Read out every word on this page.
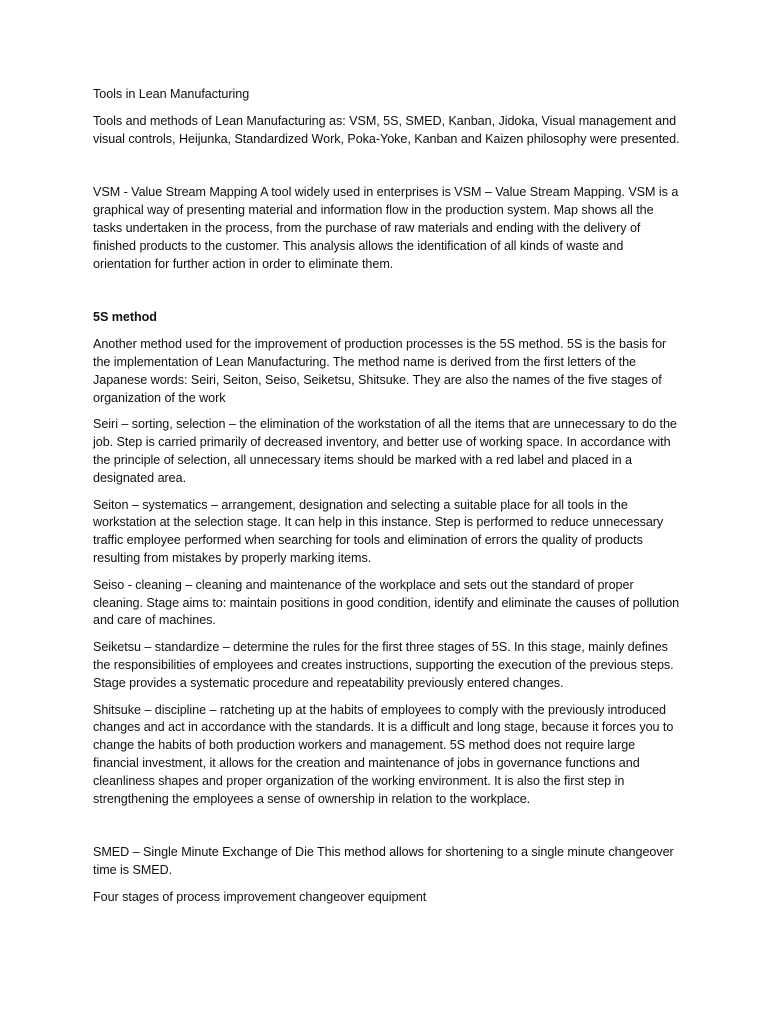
Tools in Lean Manufacturing

Tools and methods of Lean Manufacturing as: VSM, 5S, SMED, Kanban, Jidoka, Visual management and visual controls, Heijunka, Standardized Work, Poka-Yoke, Kanban and Kaizen philosophy were presented.

VSM - Value Stream Mapping A tool widely used in enterprises is VSM – Value Stream Mapping. VSM is a graphical way of presenting material and information flow in the production system. Map shows all the tasks undertaken in the process, from the purchase of raw materials and ending with the delivery of finished products to the customer. This analysis allows the identification of all kinds of waste and orientation for further action in order to eliminate them.

5S method

Another method used for the improvement of production processes is the 5S method. 5S is the basis for the implementation of Lean Manufacturing. The method name is derived from the first letters of the Japanese words: Seiri, Seiton, Seiso, Seiketsu, Shitsuke. They are also the names of the five stages of organization of the work

Seiri – sorting, selection – the elimination of the workstation of all the items that are unnecessary to do the job. Step is carried primarily of decreased inventory, and better use of working space. In accordance with the principle of selection, all unnecessary items should be marked with a red label and placed in a designated area.

Seiton – systematics – arrangement, designation and selecting a suitable place for all tools in the workstation at the selection stage. It can help in this instance. Step is performed to reduce unnecessary traffic employee performed when searching for tools and elimination of errors the quality of products resulting from mistakes by properly marking items.

Seiso - cleaning – cleaning and maintenance of the workplace and sets out the standard of proper cleaning. Stage aims to: maintain positions in good condition, identify and eliminate the causes of pollution and care of machines.

Seiketsu – standardize – determine the rules for the first three stages of 5S. In this stage, mainly defines the responsibilities of employees and creates instructions, supporting the execution of the previous steps. Stage provides a systematic procedure and repeatability previously entered changes.

Shitsuke – discipline – ratcheting up at the habits of employees to comply with the previously introduced changes and act in accordance with the standards. It is a difficult and long stage, because it forces you to change the habits of both production workers and management. 5S method does not require large financial investment, it allows for the creation and maintenance of jobs in governance functions and cleanliness shapes and proper organization of the working environment. It is also the first step in strengthening the employees a sense of ownership in relation to the workplace.

SMED – Single Minute Exchange of Die This method allows for shortening to a single minute changeover time is SMED.

Four stages of process improvement changeover equipment
